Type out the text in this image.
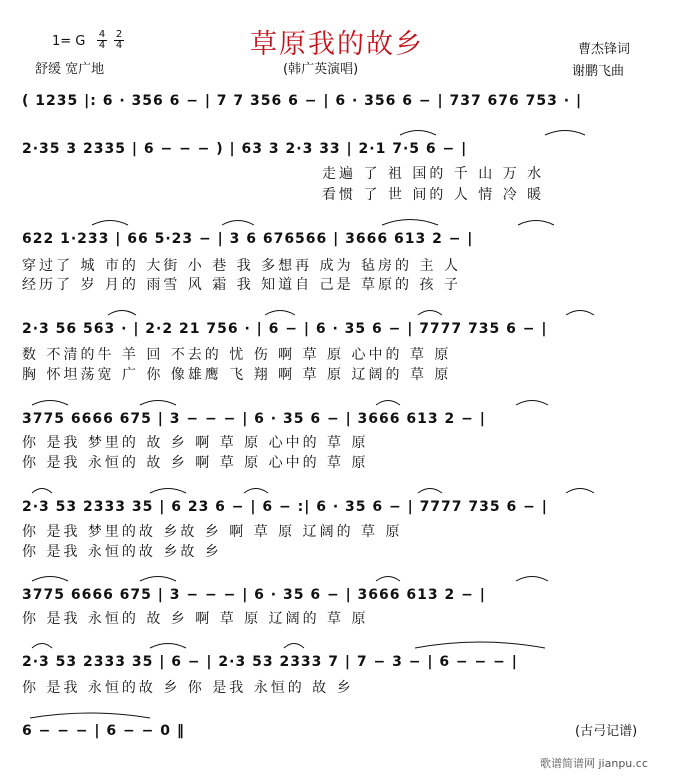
草原我的故乡
1= G 4
4
2
4
舒缓 宽广地	(韩广英演唱)
曹杰锋词
谢鹏飞曲
( 1235 |: 6 · 356 6 − | 7 7 356 6 − | 6 · 356 6 − | 737 676 753 · |
2·35 3 2335 | 6 − − − ) | 63 3 2·3 33 | 2·1 7·5 6 − |
走遍 了 祖 国的 千 山 万 水
看惯 了 世 间的 人 情 冷 暖
622 1·233 | 66 5·23 − | 3 6 676566 | 3666 613 2 − |
穿过了 城 市的 大街 小 巷 我 多想再 成为 毡房的 主 人
经历了 岁 月的 雨雪 风 霜 我 知道自 己是 草原的 孩 子
2·3 56 563 · | 2·2 21 756 · | 6 − | 6 · 35 6 − | 7777 735 6 − |
数 不清的牛 羊 回 不去的 忧 伤 啊 草 原 心中的 草 原
胸 怀坦荡宽 广 你 像雄鹰 飞 翔 啊 草 原 辽阔的 草 原
3775 6666 675 | 3 − − − | 6 · 35 6 − | 3666 613 2 − |
你 是我 梦里的 故 乡 啊 草 原 心中的 草 原
你 是我 永恒的 故 乡 啊 草 原 心中的 草 原
2·3 53 2333 35 | 6 23 6 − | 6 − :| 6 · 35 6 − | 7777 735 6 − |
你 是我 梦里的故 乡故 乡 啊 草 原 辽阔的 草 原
你 是我 永恒的故 乡故 乡
3775 6666 675 | 3 − − − | 6 · 35 6 − | 3666 613 2 − |
你 是我 永恒的 故 乡 啊 草 原 辽阔的 草 原
2·3 53 2333 35 | 6 − | 2·3 53 2333 7 | 7 − 3 − | 6 − − − |
你 是我 永恒的故 乡 你 是我 永恒的 故 乡
6 − − − | 6 − − 0 ‖	(古弓记谱)
歌谱简谱网 jianpu.cc
